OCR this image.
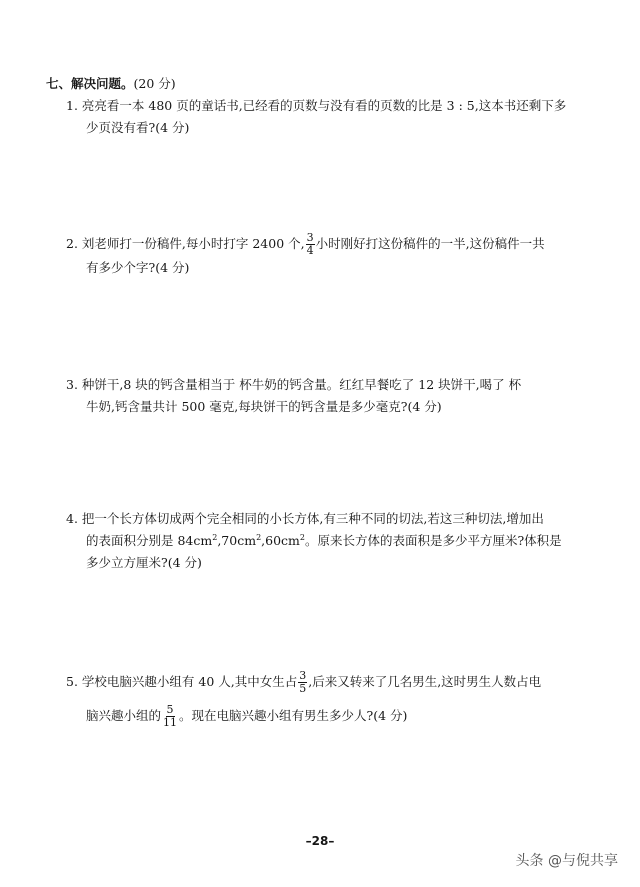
七、解决问题。(20 分)
1. 亮亮看一本 480 页的童话书,已经看的页数与没有看的页数的比是 3 : 5,这本书还剩下多
少页没有看?(4 分)
2. 刘老师打一份稿件,每小时打字 2400 个, $\frac{3}{4}$ 小时刚好打这份稿件的一半,这份稿件一共
有多少个字?(4 分)
3. 种饼干,8 块的钙含量相当于 杯牛奶的钙含量。红红早餐吃了 12 块饼干,喝了 杯
牛奶,钙含量共计 500 毫克,每块饼干的钙含量是多少毫克?(4 分)
4. 把一个长方体切成两个完全相同的小长方体,有三种不同的切法,若这三种切法,增加出
的表面积分别是 $84cm^2,70cm^2,60cm^2$。原来长方体的表面积是多少平方厘米?体积是
多少立方厘米?(4 分)
5. 学校电脑兴趣小组有 40 人,其中女生占 $\frac{3}{5}$ ,后来又转来了几名男生,这时男生人数占电
脑兴趣小组的 $\frac{5}{11}$ 。现在电脑兴趣小组有男生多少人?(4 分)
–28–
头条 @与倪共享
